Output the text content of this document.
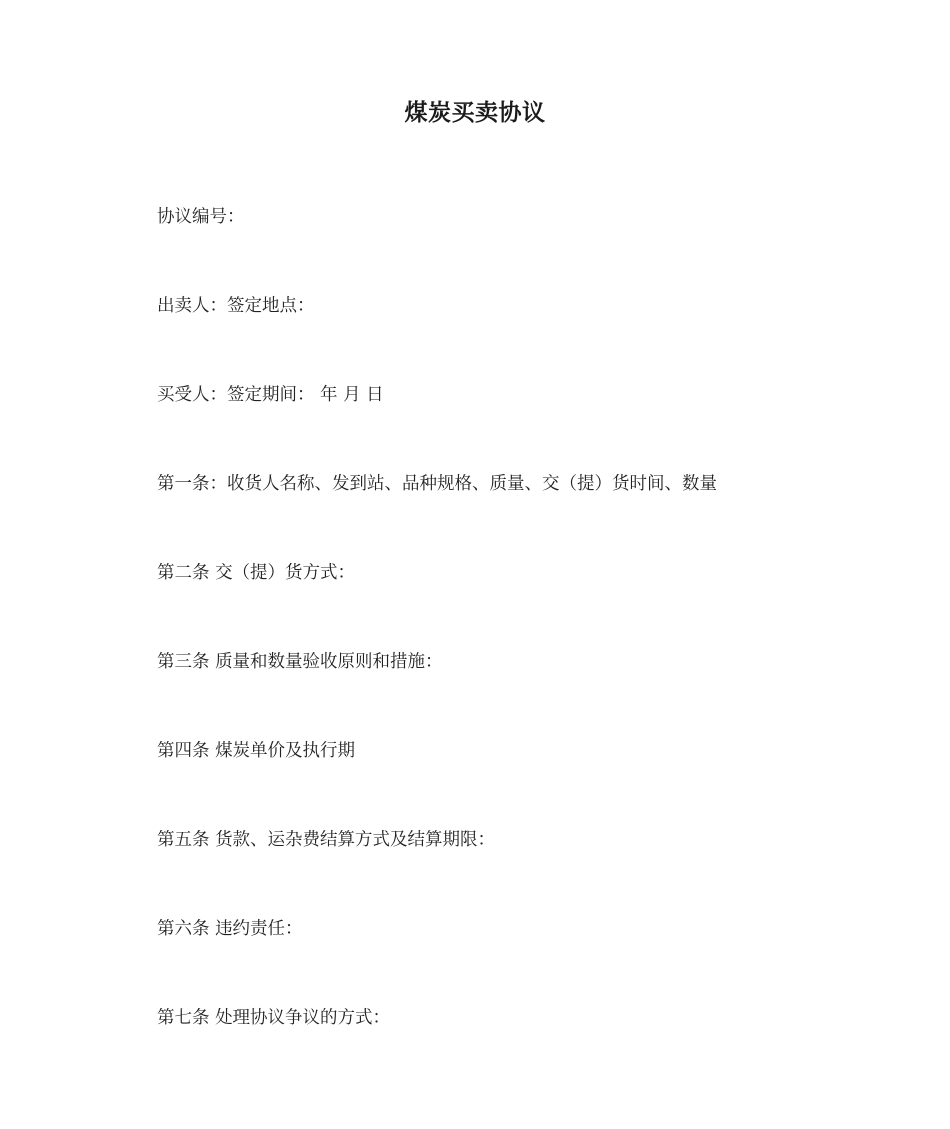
煤炭买卖协议

协议编号：

出卖人：签定地点：

买受人：签定期间： 年 月 日

第一条：收货人名称、发到站、品种规格、质量、交（提）货时间、数量

第二条 交（提）货方式：

第三条 质量和数量验收原则和措施：

第四条 煤炭单价及执行期

第五条 货款、运杂费结算方式及结算期限：

第六条 违约责任：

第七条 处理协议争议的方式：
